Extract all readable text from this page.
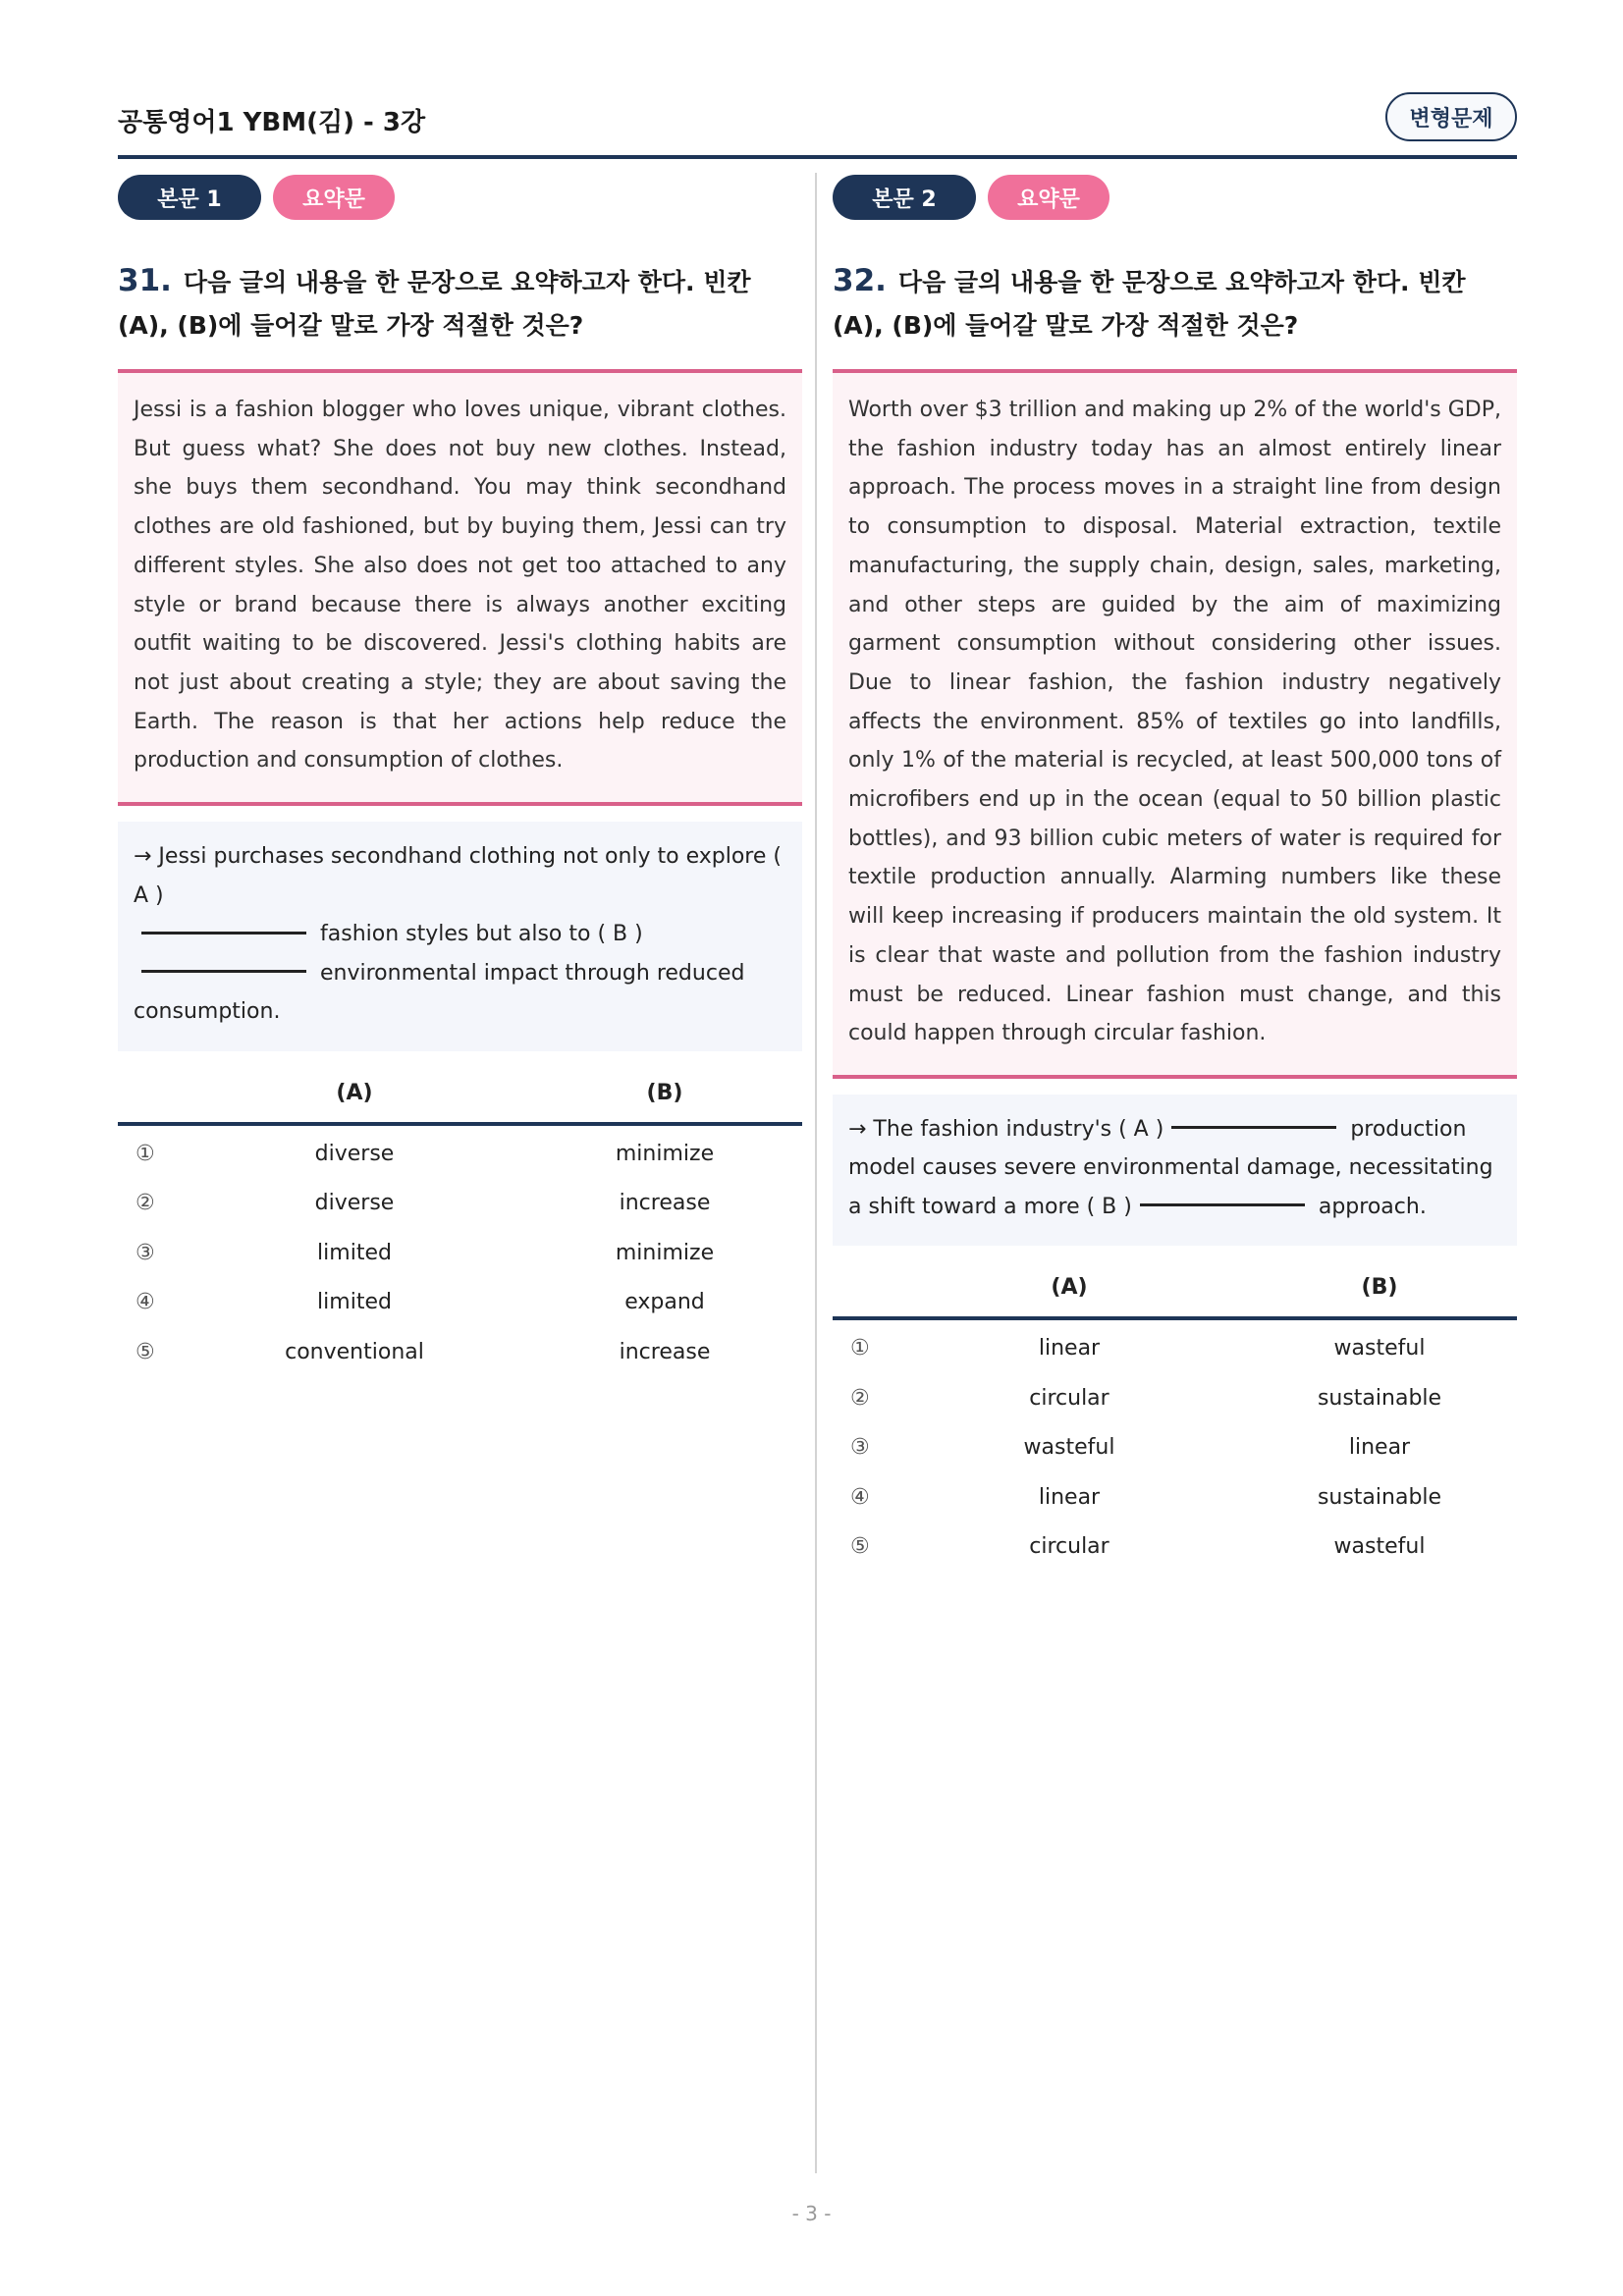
공통영어1 YBM(김) - 3강	변형문제
본문 1	요약문
31. 다음 글의 내용을 한 문장으로 요약하고자 한다. 빈칸 (A), (B)에 들어갈 말로 가장 적절한 것은?
Jessi is a fashion blogger who loves unique, vibrant clothes. But guess what? She does not buy new clothes. Instead, she buys them secondhand. You may think secondhand clothes are old fashioned, but by buying them, Jessi can try different styles. She also does not get too attached to any style or brand because there is always another exciting outfit waiting to be discovered. Jessi's clothing habits are not just about creating a style; they are about saving the Earth. The reason is that her actions help reduce the production and consumption of clothes.
→ Jessi purchases secondhand clothing not only to explore ( A )
fashion styles but also to ( B )
environmental impact through reduced consumption.
(A)	(B)
①	diverse	minimize
②	diverse	increase
③	limited	minimize
④	limited	expand
⑤	conventional	increase
본문 2	요약문
32. 다음 글의 내용을 한 문장으로 요약하고자 한다. 빈칸 (A), (B)에 들어갈 말로 가장 적절한 것은?
Worth over $3 trillion and making up 2% of the world's GDP, the fashion industry today has an almost entirely linear approach. The process moves in a straight line from design to consumption to disposal. Material extraction, textile manufacturing, the supply chain, design, sales, marketing, and other steps are guided by the aim of maximizing garment consumption without considering other issues. Due to linear fashion, the fashion industry negatively affects the environment. 85% of textiles go into landfills, only 1% of the material is recycled, at least 500,000 tons of microfibers end up in the ocean (equal to 50 billion plastic bottles), and 93 billion cubic meters of water is required for textile production annually. Alarming numbers like these will keep increasing if producers maintain the old system. It is clear that waste and pollution from the fashion industry must be reduced. Linear fashion must change, and this could happen through circular fashion.
→ The fashion industry's ( A )	production model causes severe environmental damage, necessitating a shift toward a more ( B )	approach.
(A)	(B)
①	linear	wasteful
②	circular	sustainable
③	wasteful	linear
④	linear	sustainable
⑤	circular	wasteful
- 3 -
